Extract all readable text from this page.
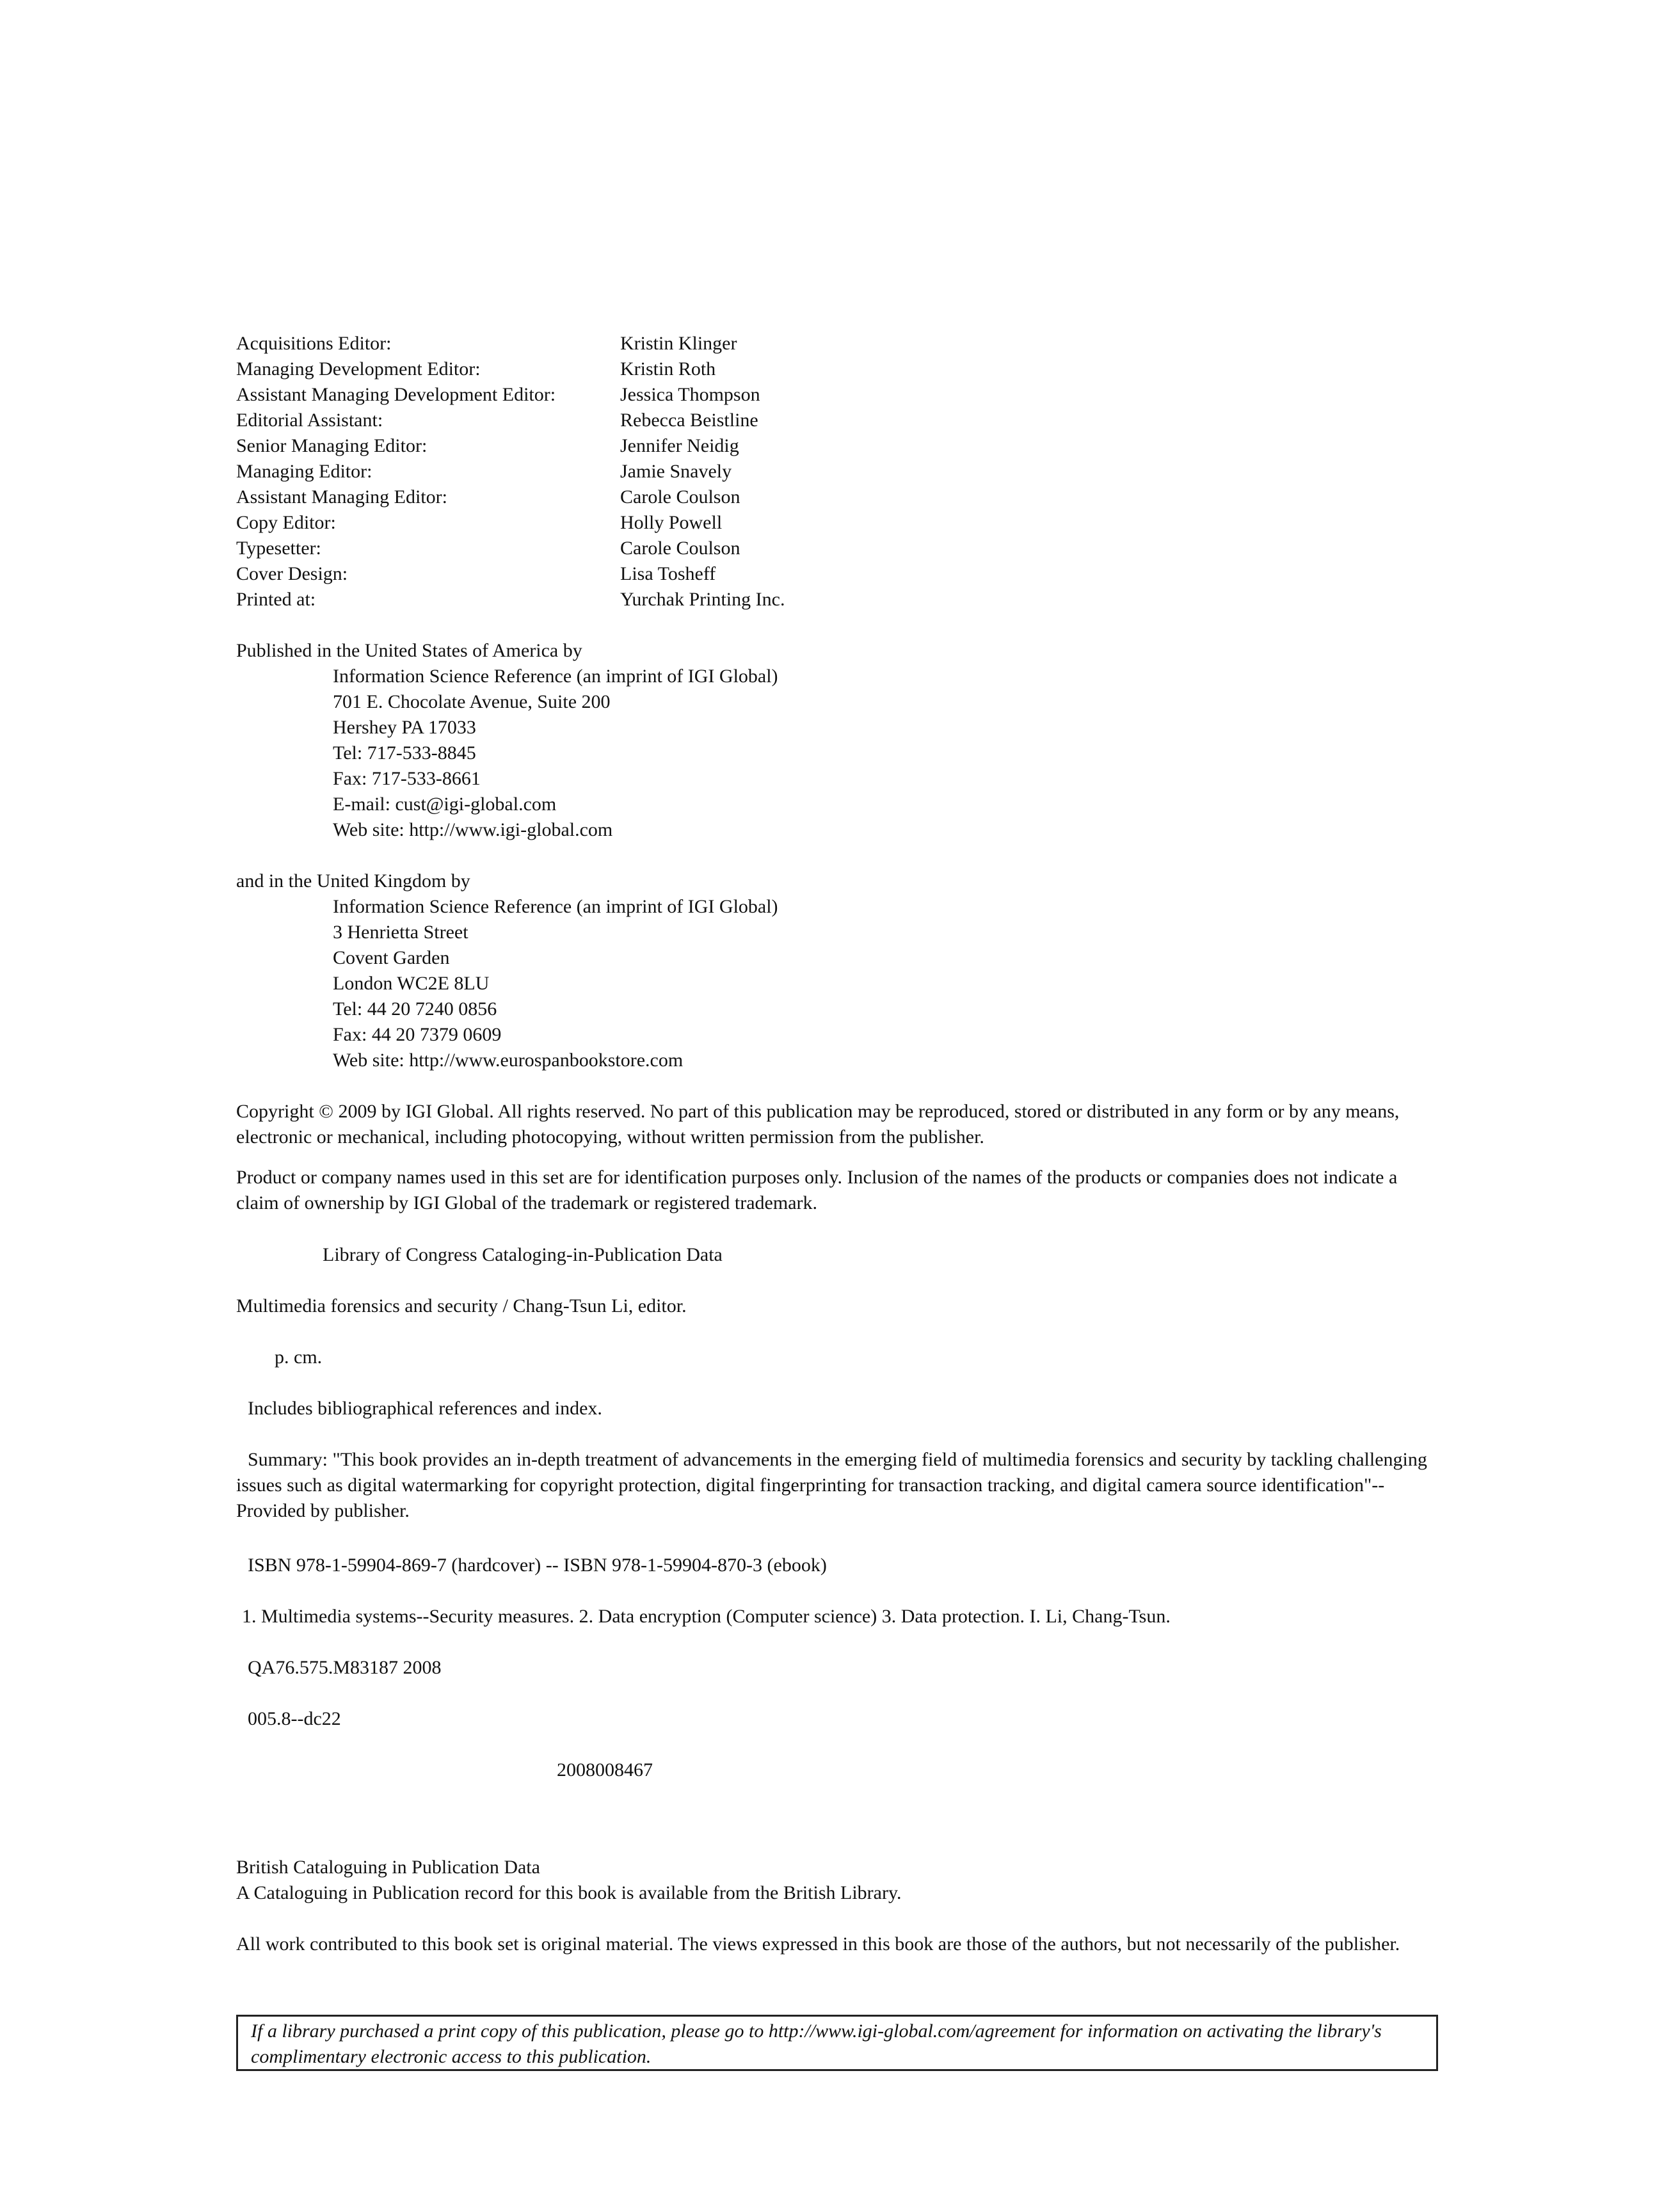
Acquisitions Editor:	Kristin Klinger
Managing Development Editor:	Kristin Roth
Assistant Managing Development Editor:	Jessica Thompson
Editorial Assistant:	Rebecca Beistline
Senior Managing Editor:	Jennifer Neidig
Managing Editor:	Jamie Snavely
Assistant Managing Editor:	Carole Coulson
Copy Editor:	Holly Powell
Typesetter:	Carole Coulson
Cover Design:	Lisa Tosheff
Printed at:	Yurchak Printing Inc.
Published in the United States of America by
Information Science Reference (an imprint of IGI Global)
701 E. Chocolate Avenue, Suite 200
Hershey PA 17033
Tel: 717-533-8845
Fax: 717-533-8661
E-mail: cust@igi-global.com
Web site: http://www.igi-global.com
and in the United Kingdom by
Information Science Reference (an imprint of IGI Global)
3 Henrietta Street
Covent Garden
London WC2E 8LU
Tel: 44 20 7240 0856
Fax: 44 20 7379 0609
Web site: http://www.eurospanbookstore.com
Copyright © 2009 by IGI Global. All rights reserved. No part of this publication may be reproduced, stored or distributed in any form or by any means, electronic or mechanical, including photocopying, without written permission from the publisher.
Product or company names used in this set are for identification purposes only. Inclusion of the names of the products or companies does not indicate a claim of ownership by IGI Global of the trademark or registered trademark.
Library of Congress Cataloging-in-Publication Data
Multimedia forensics and security / Chang-Tsun Li, editor.
p. cm.
Includes bibliographical references and index.
Summary: "This book provides an in-depth treatment of advancements in the emerging field of multimedia forensics and security by tackling challenging issues such as digital watermarking for copyright protection, digital fingerprinting for transaction tracking, and digital camera source identification"--Provided by publisher.
ISBN 978-1-59904-869-7 (hardcover) -- ISBN 978-1-59904-870-3 (ebook)
1. Multimedia systems--Security measures. 2. Data encryption (Computer science) 3. Data protection. I. Li, Chang-Tsun.
QA76.575.M83187 2008
005.8--dc22
2008008467
British Cataloguing in Publication Data
A Cataloguing in Publication record for this book is available from the British Library.
All work contributed to this book set is original material. The views expressed in this book are those of the authors, but not necessarily of the publisher.
If a library purchased a print copy of this publication, please go to http://www.igi-global.com/agreement for information on activating the library's complimentary electronic access to this publication.
